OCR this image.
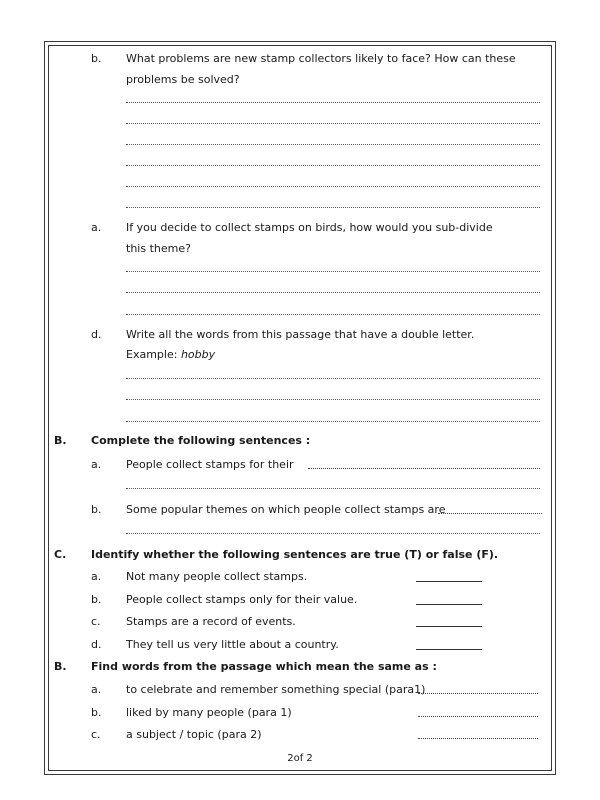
b. What problems are new stamp collectors likely to face? How can these
problems be solved?
a. If you decide to collect stamps on birds, how would you sub-divide
this theme?
d. Write all the words from this passage that have a double letter.
Example: hobby
B. Complete the following sentences :
a. People collect stamps for their
b. Some popular themes on which people collect stamps are
C. Identify whether the following sentences are true (T) or false (F).
a. Not many people collect stamps.
b. People collect stamps only for their value.
c. Stamps are a record of events.
d. They tell us very little about a country.
B. Find words from the passage which mean the same as :
a. to celebrate and remember something special (para1)
b. liked by many people (para 1)
c. a subject / topic (para 2)
2of 2
